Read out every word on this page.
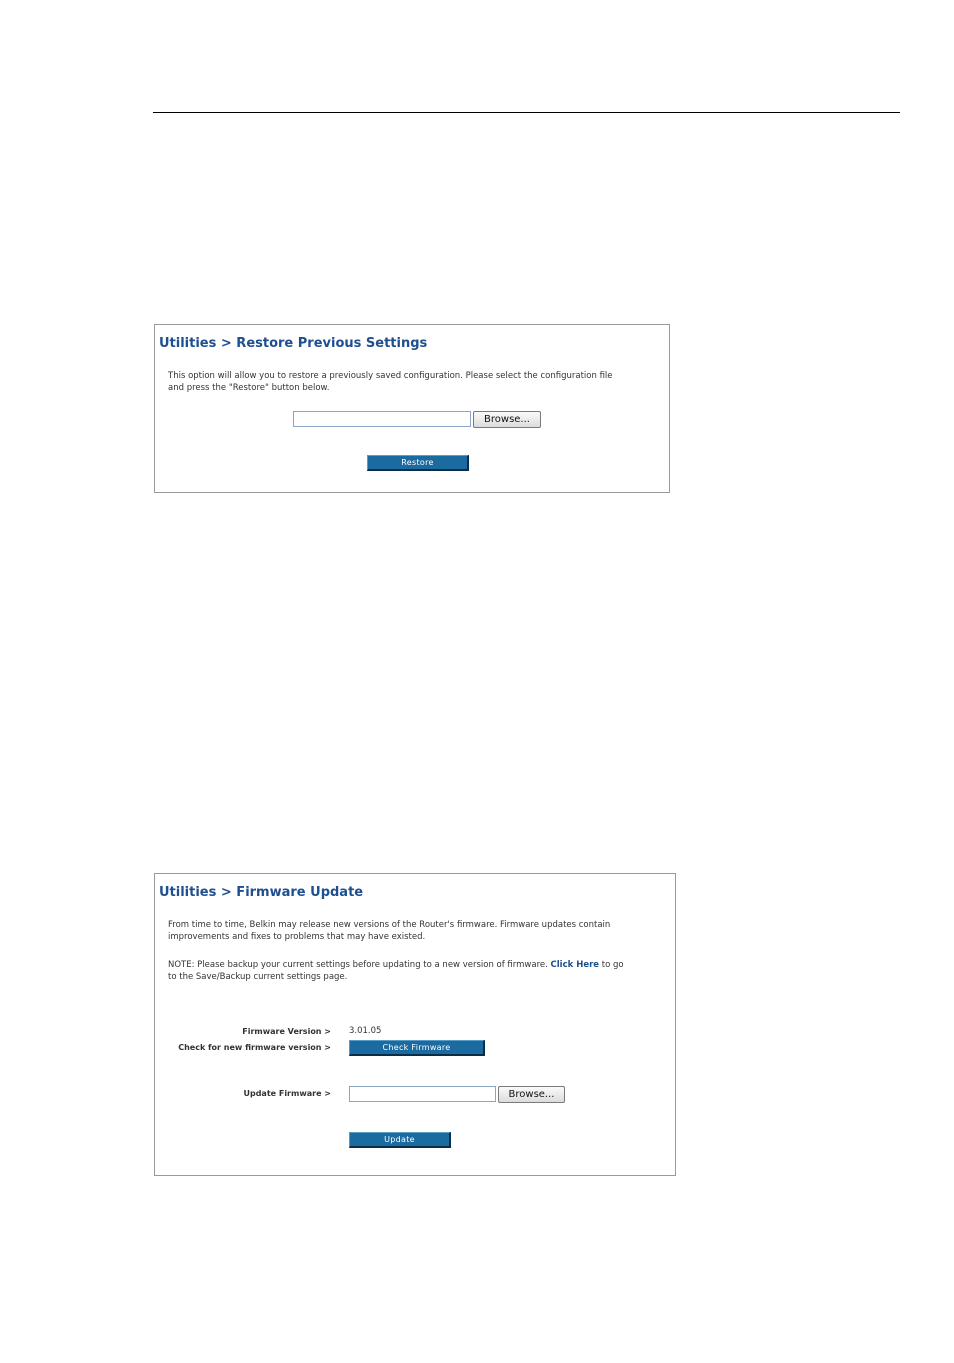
Utilities > Restore Previous Settings
This option will allow you to restore a previously saved configuration. Please select the configuration file
and press the "Restore" button below.
Browse...
Restore
Utilities > Firmware Update
From time to time, Belkin may release new versions of the Router's firmware. Firmware updates contain
improvements and fixes to problems that may have existed.
NOTE: Please backup your current settings before updating to a new version of firmware. Click Here to go
to the Save/Backup current settings page.
Firmware Version > 3.01.05
Check for new firmware version >	Check Firmware
Update Firmware >	Browse...
Update
